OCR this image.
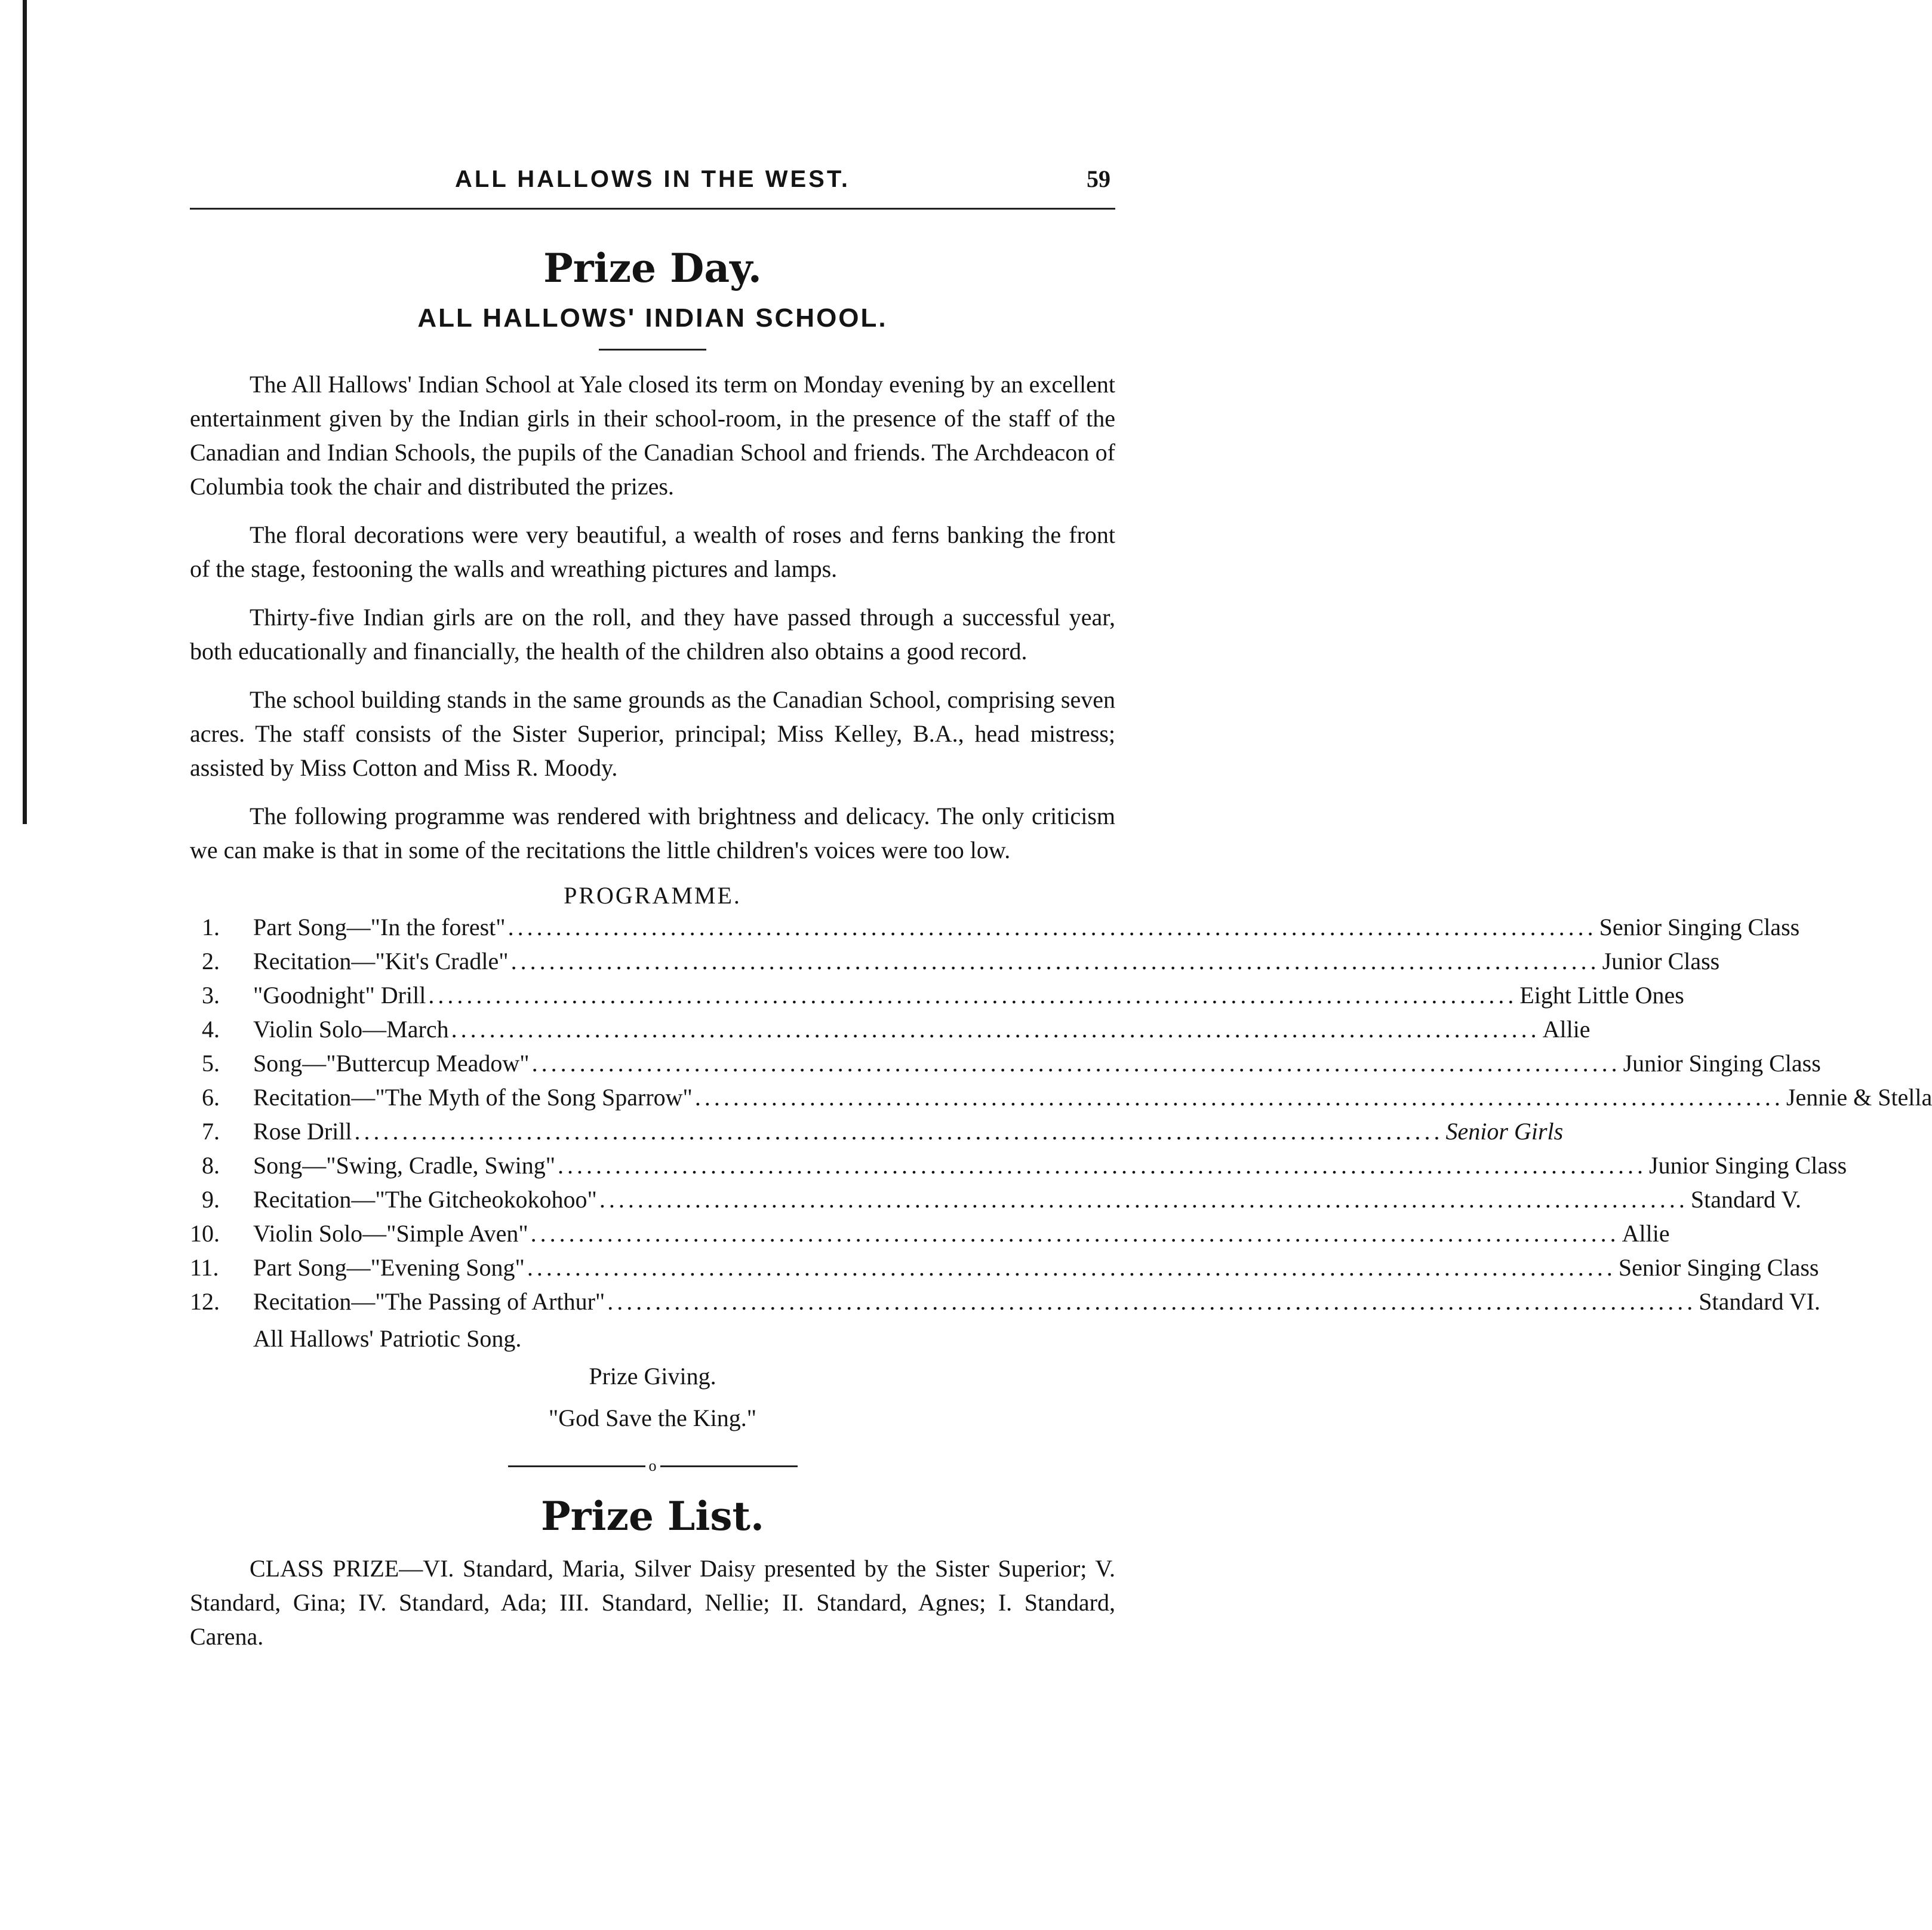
ALL HALLOWS IN THE WEST.	59
Prize Day.
ALL HALLOWS' INDIAN SCHOOL.

The All Hallows' Indian School at Yale closed its term on Monday evening by an excellent entertainment given by the Indian girls in their school-room, in the presence of the staff of the Canadian and Indian Schools, the pupils of the Canadian School and friends. The Archdeacon of Columbia took the chair and distributed the prizes.

The floral decorations were very beautiful, a wealth of roses and ferns banking the front of the stage, festooning the walls and wreathing pictures and lamps.

Thirty-five Indian girls are on the roll, and they have passed through a successful year, both educationally and financially, the health of the children also obtains a good record.

The school building stands in the same grounds as the Canadian School, comprising seven acres. The staff consists of the Sister Superior, principal; Miss Kelley, B.A., head mistress; assisted by Miss Cotton and Miss R. Moody.

The following programme was rendered with brightness and delicacy. The only criticism we can make is that in some of the recitations the little children's voices were too low.

PROGRAMME.
1.	Part Song—"In the forest" .................................................................................................................. Senior Singing Class
2.	Recitation—"Kit's Cradle" .................................................................................................................. Junior Class
3.	"Goodnight" Drill .................................................................................................................. Eight Little Ones
4.	Violin Solo—March .................................................................................................................. Allie
5.	Song—"Buttercup Meadow" .................................................................................................................. Junior Singing Class
6.	Recitation—"The Myth of the Song Sparrow" .................................................................................................................. Jennie & Stella
7.	Rose Drill .................................................................................................................. Senior Girls
8.	Song—"Swing, Cradle, Swing" .................................................................................................................. Junior Singing Class
9.	Recitation—"The Gitcheokokohoo" .................................................................................................................. Standard V.
10.	Violin Solo—"Simple Aven" .................................................................................................................. Allie
11.	Part Song—"Evening Song" .................................................................................................................. Senior Singing Class
12.	Recitation—"The Passing of Arthur" .................................................................................................................. Standard VI.
All Hallows' Patriotic Song.
Prize Giving.
"God Save the King."
o
Prize List.

CLASS PRIZE—VI. Standard, Maria, Silver Daisy presented by the Sister Superior; V. Standard, Gina; IV. Standard, Ada; III. Standard, Nellie; II. Standard, Agnes; I. Standard, Carena.
